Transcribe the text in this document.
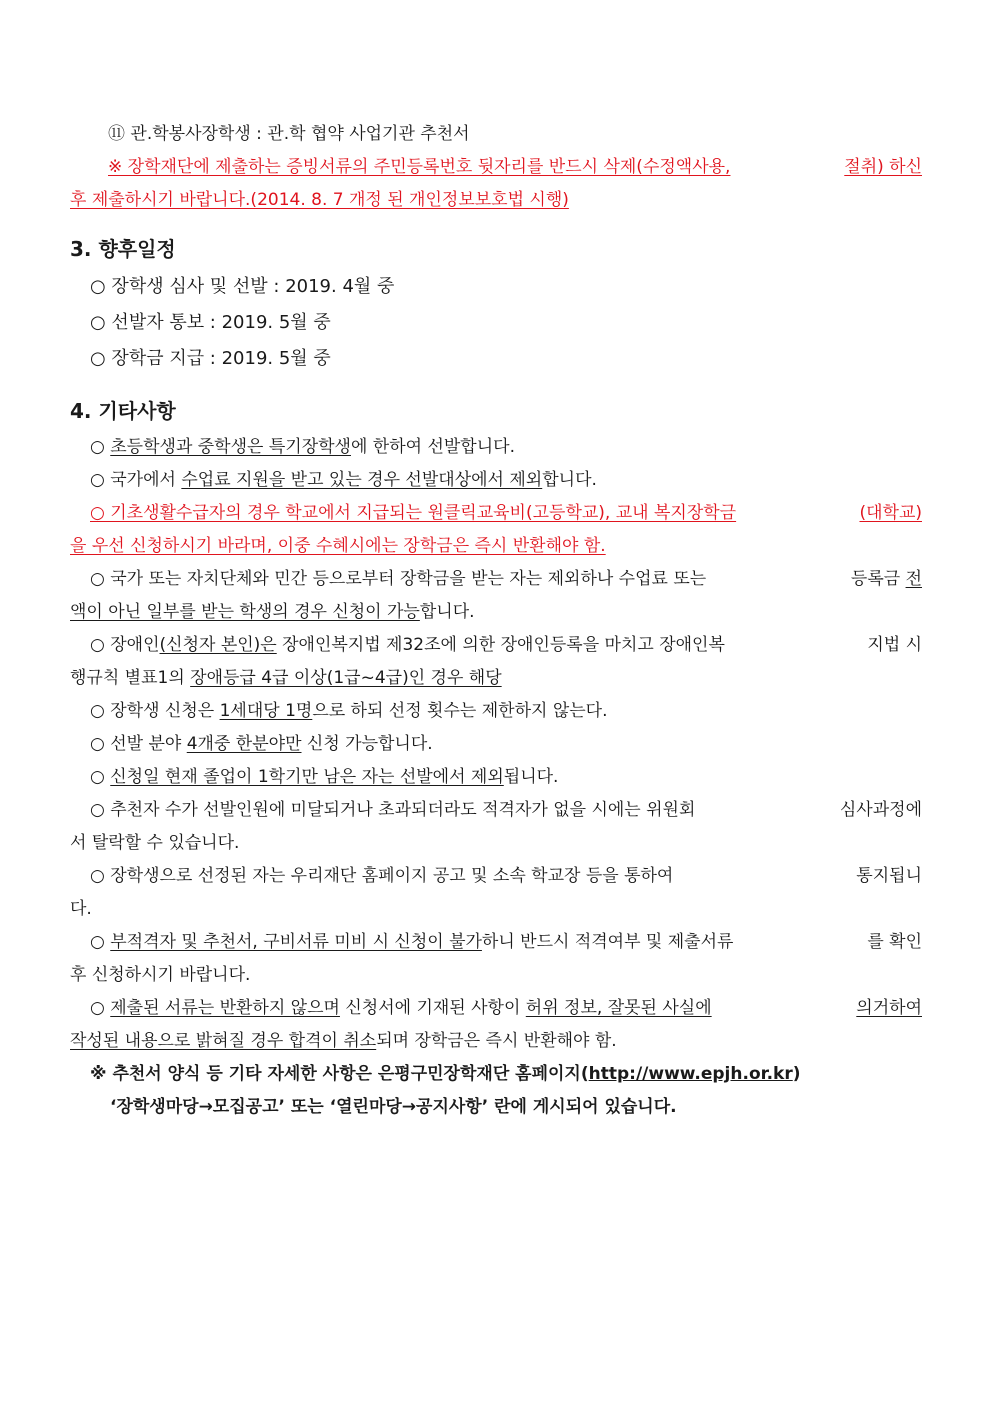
⑪ 관.학봉사장학생 : 관.학 협약 사업기관 추천서
※ 장학재단에 제출하는 증빙서류의 주민등록번호 뒷자리를 반드시 삭제(수정액사용,	절취) 하신
후 제출하시기 바랍니다.(2014. 8. 7 개정 된 개인정보보호법 시행)
3. 향후일정
○ 장학생 심사 및 선발 : 2019. 4월 중
○ 선발자 통보 : 2019. 5월 중
○ 장학금 지급 : 2019. 5월 중
4. 기타사항
○ 초등학생과 중학생은 특기장학생에 한하여 선발합니다.
○ 국가에서 수업료 지원을 받고 있는 경우 선발대상에서 제외합니다.
○ 기초생활수급자의 경우 학교에서 지급되는 원클릭교육비(고등학교), 교내 복지장학금	(대학교)
을 우선 신청하시기 바라며, 이중 수혜시에는 장학금은 즉시 반환해야 함.
○ 국가 또는 자치단체와 민간 등으로부터 장학금을 받는 자는 제외하나 수업료 또는	등록금 전
액이 아닌 일부를 받는 학생의 경우 신청이 가능합니다.
○ 장애인(신청자 본인)은 장애인복지법 제32조에 의한 장애인등록을 마치고 장애인복	지법 시
행규칙 별표1의 장애등급 4급 이상(1급~4급)인 경우 해당
○ 장학생 신청은 1세대당 1명으로 하되 선정 횟수는 제한하지 않는다.
○ 선발 분야 4개중 한분야만 신청 가능합니다.
○ 신청일 현재 졸업이 1학기만 남은 자는 선발에서 제외됩니다.
○ 추천자 수가 선발인원에 미달되거나 초과되더라도 적격자가 없을 시에는 위원회	심사과정에
서 탈락할 수 있습니다.
○ 장학생으로 선정된 자는 우리재단 홈페이지 공고 및 소속 학교장 등을 통하여	통지됩니
다.
○ 부적격자 및 추천서, 구비서류 미비 시 신청이 불가하니 반드시 적격여부 및 제출서류	를 확인
후 신청하시기 바랍니다.
○ 제출된 서류는 반환하지 않으며 신청서에 기재된 사항이 허위 정보, 잘못된 사실에	의거하여
작성된 내용으로 밝혀질 경우 합격이 취소되며 장학금은 즉시 반환해야 함.
※ 추천서 양식 등 기타 자세한 사항은 은평구민장학재단 홈페이지(http://www.epjh.or.kr)
‘장학생마당→모집공고’ 또는 ‘열린마당→공지사항’ 란에 게시되어 있습니다.
